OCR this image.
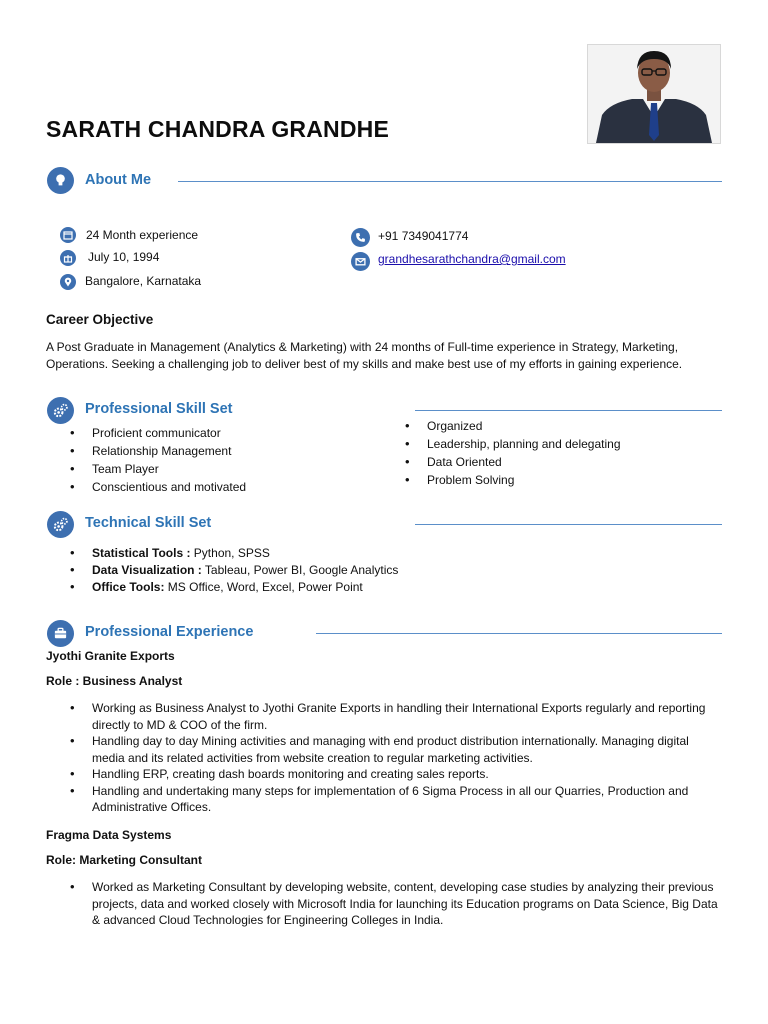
SARATH CHANDRA GRANDHE
About Me
24 Month experience
July 10, 1994
Bangalore, Karnataka
+91 7349041774
grandhesarathchandra@gmail.com
Career Objective
A Post Graduate in Management (Analytics & Marketing) with 24 months of Full-time experience in Strategy, Marketing, Operations. Seeking a challenging job to deliver best of my skills and make best use of my efforts in gaining experience.
Professional Skill Set
• Proficient communicator
• Relationship Management
• Team Player
• Conscientious and motivated
• Organized
• Leadership, planning and delegating
• Data Oriented
• Problem Solving
Technical Skill Set
• Statistical Tools : Python, SPSS
• Data Visualization : Tableau, Power BI, Google Analytics
• Office Tools: MS Office, Word, Excel, Power Point
Professional Experience
Jyothi Granite Exports
Role : Business Analyst
• Working as Business Analyst to Jyothi Granite Exports in handling their International Exports regularly and reporting directly to MD & COO of the firm.
• Handling day to day Mining activities and managing with end product distribution internationally. Managing digital media and its related activities from website creation to regular marketing activities.
• Handling ERP, creating dash boards monitoring and creating sales reports.
• Handling and undertaking many steps for implementation of 6 Sigma Process in all our Quarries, Production and Administrative Offices.
Fragma Data Systems
Role: Marketing Consultant
• Worked as Marketing Consultant by developing website, content, developing case studies by analyzing their previous projects, data and worked closely with Microsoft India for launching its Education programs on Data Science, Big Data & advanced Cloud Technologies for Engineering Colleges in India.
